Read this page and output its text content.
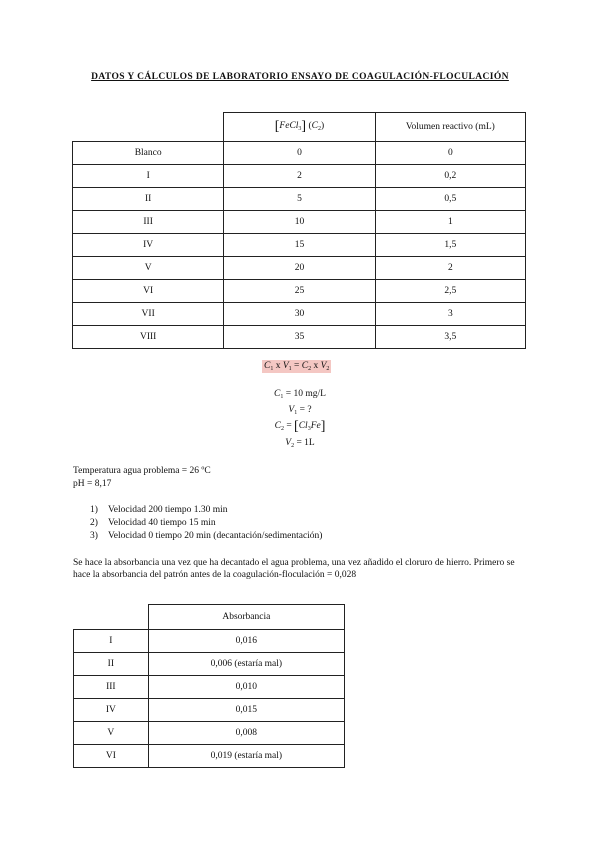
DATOS Y CÁLCULOS DE LABORATORIO ENSAYO DE COAGULACIÓN-FLOCULACIÓN
	[FeCl$_3$] $(C_2)$	Volumen reactivo (mL)
Blanco	0	0
I	2	0,2
II	5	0,5
III	10	1
IV	15	1,5
V	20	2
VI	25	2,5
VII	30	3
VIII	35	3,5
$C_1$ x $V_1 = C_2$ x $V_2$
$C_1 = 10$ mg/L
$V_1$ = ?
$C_2 = [Cl_3Fe]$
$V_2 = 1L$
Temperatura agua problema = 26 ºC
pH = 8,17
1) Velocidad 200 tiempo 1.30 min
2) Velocidad 40 tiempo 15 min
3) Velocidad 0 tiempo 20 min (decantación/sedimentación)
Se hace la absorbancia una vez que ha decantado el agua problema, una vez añadido el cloruro de hierro. Primero se hace la absorbancia del patrón antes de la coagulación-floculación = 0,028
	Absorbancia
I	0,016
II	0,006 (estaría mal)
III	0,010
IV	0,015
V	0,008
VI	0,019 (estaría mal)
